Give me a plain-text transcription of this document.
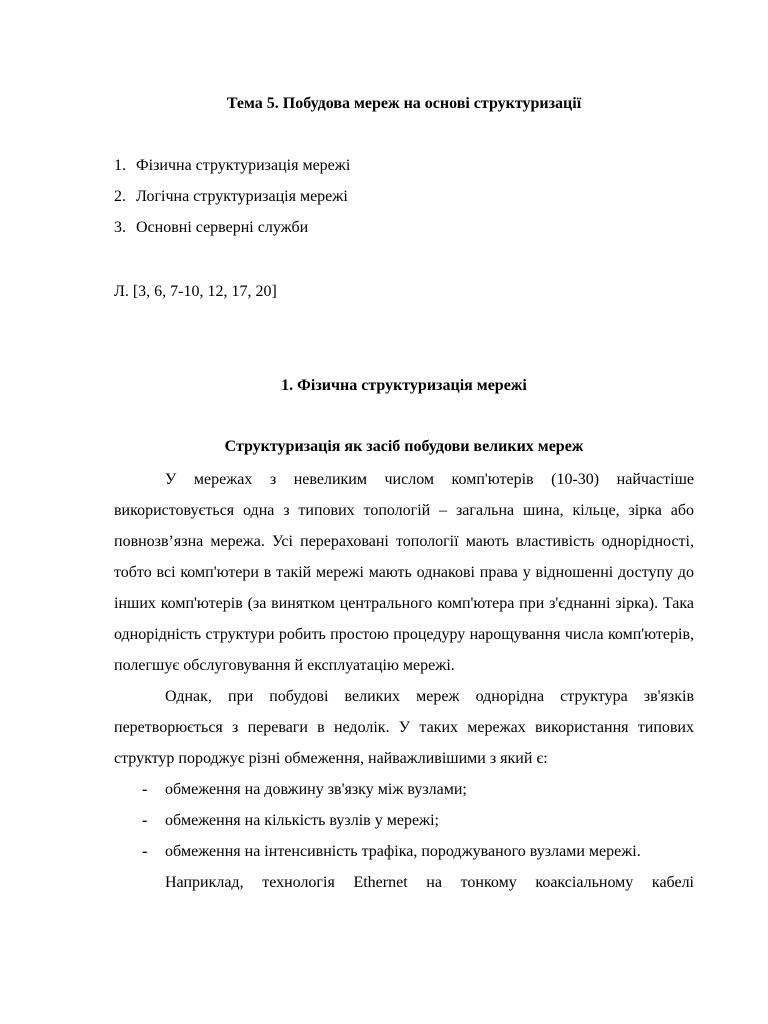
Тема 5. Побудова мереж на основі структуризації
1. Фізична структуризація мережі
2. Логічна структуризація мережі
3. Основні серверні служби
Л. [3, 6, 7-10, 12, 17, 20]
1. Фізична структуризація мережі
Структуризація як засіб побудови великих мереж

У мережах з невеликим числом комп'ютерів (10-30) найчастіше використовується одна з типових топологій – загальна шина, кільце, зірка або повнозв’язна мережа. Усі перераховані топології мають властивість однорідності, тобто всі комп'ютери в такій мережі мають однакові права у відношенні доступу до інших комп'ютерів (за винятком центрального комп'ютера при з'єднанні зірка). Така однорідність структури робить простою процедуру нарощування числа комп'ютерів, полегшує обслуговування й експлуатацію мережі.

Однак, при побудові великих мереж однорідна структура зв'язків перетворюється з переваги в недолік. У таких мережах використання типових структур породжує різні обмеження, найважливішими з який є:

- обмеження на довжину зв'язку між вузлами;
- обмеження на кількість вузлів у мережі;
- обмеження на інтенсивність трафіка, породжуваного вузлами мережі.

Наприклад, технологія Ethernet на тонкому коаксіальному кабелі
